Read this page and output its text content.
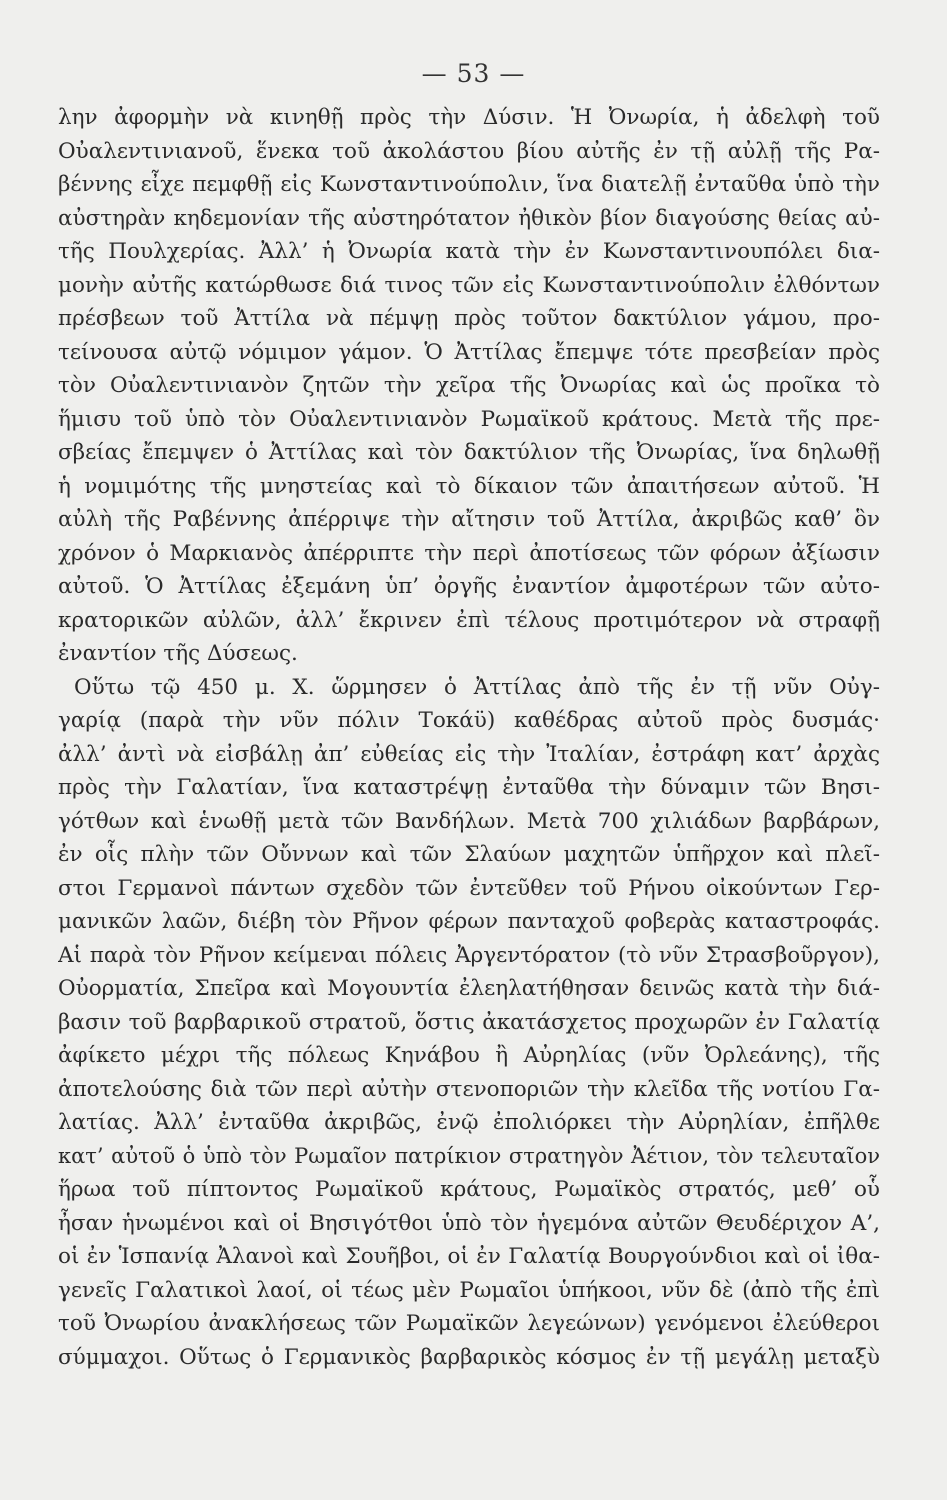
— 53 —
λην ἀφορμὴν νὰ κινηθῇ πρὸς τὴν Δύσιν. Ἡ Ὀνωρία, ἡ ἀδελφὴ τοῦ
Οὐαλεντινιανοῦ, ἕνεκα τοῦ ἀκολάστου βίου αὐτῆς ἐν τῇ αὐλῇ τῆς Ρα-
βέννης εἶχε πεμφθῇ εἰς Κωνσταντινούπολιν, ἵνα διατελῇ ἐνταῦθα ὑπὸ τὴν
αὐστηρὰν κηδεμονίαν τῆς αὐστηρότατον ἠθικὸν βίον διαγούσης θείας αὐ-
τῆς Πουλχερίας. Ἀλλ’ ἡ Ὀνωρία κατὰ τὴν ἐν Κωνσταντινουπόλει δια-
μονὴν αὐτῆς κατώρθωσε διά τινος τῶν εἰς Κωνσταντινούπολιν ἐλθόντων
πρέσβεων τοῦ Ἀττίλα νὰ πέμψῃ πρὸς τοῦτον δακτύλιον γάμου, προ-
τείνουσα αὐτῷ νόμιμον γάμον. Ὁ Ἀττίλας ἔπεμψε τότε πρεσβείαν πρὸς
τὸν Οὐαλεντινιανὸν ζητῶν τὴν χεῖρα τῆς Ὀνωρίας καὶ ὡς προῖκα τὸ
ἥμισυ τοῦ ὑπὸ τὸν Οὐαλεντινιανὸν Ρωμαϊκοῦ κράτους. Μετὰ τῆς πρε-
σβείας ἔπεμψεν ὁ Ἀττίλας καὶ τὸν δακτύλιον τῆς Ὀνωρίας, ἵνα δηλωθῇ
ἡ νομιμότης τῆς μνηστείας καὶ τὸ δίκαιον τῶν ἀπαιτήσεων αὐτοῦ. Ἡ
αὐλὴ τῆς Ραβέννης ἀπέρριψε τὴν αἴτησιν τοῦ Ἀττίλα, ἀκριβῶς καθ’ ὃν
χρόνον ὁ Μαρκιανὸς ἀπέρριπτε τὴν περὶ ἀποτίσεως τῶν φόρων ἀξίωσιν
αὐτοῦ. Ὁ Ἀττίλας ἐξεμάνη ὑπ’ ὀργῆς ἐναντίον ἀμφοτέρων τῶν αὐτο-
κρατορικῶν αὐλῶν, ἀλλ’ ἔκρινεν ἐπὶ τέλους προτιμότερον νὰ στραφῇ
ἐναντίον τῆς Δύσεως.
Οὕτω τῷ 450 μ. Χ. ὥρμησεν ὁ Ἀττίλας ἀπὸ τῆς ἐν τῇ νῦν Οὐγ-
γαρίᾳ (παρὰ τὴν νῦν πόλιν Τοκάϋ) καθέδρας αὐτοῦ πρὸς δυσμάς·
ἀλλ’ ἀντὶ νὰ εἰσβάλῃ ἀπ’ εὐθείας εἰς τὴν Ἰταλίαν, ἐστράφη κατ’ ἀρχὰς
πρὸς τὴν Γαλατίαν, ἵνα καταστρέψῃ ἐνταῦθα τὴν δύναμιν τῶν Βησι-
γότθων καὶ ἑνωθῇ μετὰ τῶν Βανδήλων. Μετὰ 700 χιλιάδων βαρβάρων,
ἐν οἷς πλὴν τῶν Οὔννων καὶ τῶν Σλαύων μαχητῶν ὑπῆρχον καὶ πλεῖ-
στοι Γερμανοὶ πάντων σχεδὸν τῶν ἐντεῦθεν τοῦ Ρήνου οἰκούντων Γερ-
μανικῶν λαῶν, διέβη τὸν Ρῆνον φέρων πανταχοῦ φοβερὰς καταστροφάς.
Αἱ παρὰ τὸν Ρῆνον κείμεναι πόλεις Ἀργεντόρατον (τὸ νῦν Στρασβοῦργον),
Οὐορματία, Σπεῖρα καὶ Μογουντία ἐλεηλατήθησαν δεινῶς κατὰ τὴν διά-
βασιν τοῦ βαρβαρικοῦ στρατοῦ, ὅστις ἀκατάσχετος προχωρῶν ἐν Γαλατίᾳ
ἀφίκετο μέχρι τῆς πόλεως Κηνάβου ἢ Αὐρηλίας (νῦν Ὀρλεάνης), τῆς
ἀποτελούσης διὰ τῶν περὶ αὐτὴν στενοποριῶν τὴν κλεῖδα τῆς νοτίου Γα-
λατίας. Ἀλλ’ ἐνταῦθα ἀκριβῶς, ἐνῷ ἐπολιόρκει τὴν Αὐρηλίαν, ἐπῆλθε
κατ’ αὐτοῦ ὁ ὑπὸ τὸν Ρωμαῖον πατρίκιον στρατηγὸν Ἀέτιον, τὸν τελευταῖον
ἥρωα τοῦ πίπτοντος Ρωμαϊκοῦ κράτους, Ρωμαϊκὸς στρατός, μεθ’ οὗ
ἦσαν ἡνωμένοι καὶ οἱ Βησιγότθοι ὑπὸ τὸν ἡγεμόνα αὐτῶν Θευδέριχον Α’,
οἱ ἐν Ἱσπανίᾳ Ἀλανοὶ καὶ Σουῆβοι, οἱ ἐν Γαλατίᾳ Βουργούνδιοι καὶ οἱ ἰθα-
γενεῖς Γαλατικοὶ λαοί, οἱ τέως μὲν Ρωμαῖοι ὑπήκοοι, νῦν δὲ (ἀπὸ τῆς ἐπὶ
τοῦ Ὀνωρίου ἀνακλήσεως τῶν Ρωμαϊκῶν λεγεώνων) γενόμενοι ἐλεύθεροι
σύμμαχοι. Οὕτως ὁ Γερμανικὸς βαρβαρικὸς κόσμος ἐν τῇ μεγάλῃ μεταξὺ
